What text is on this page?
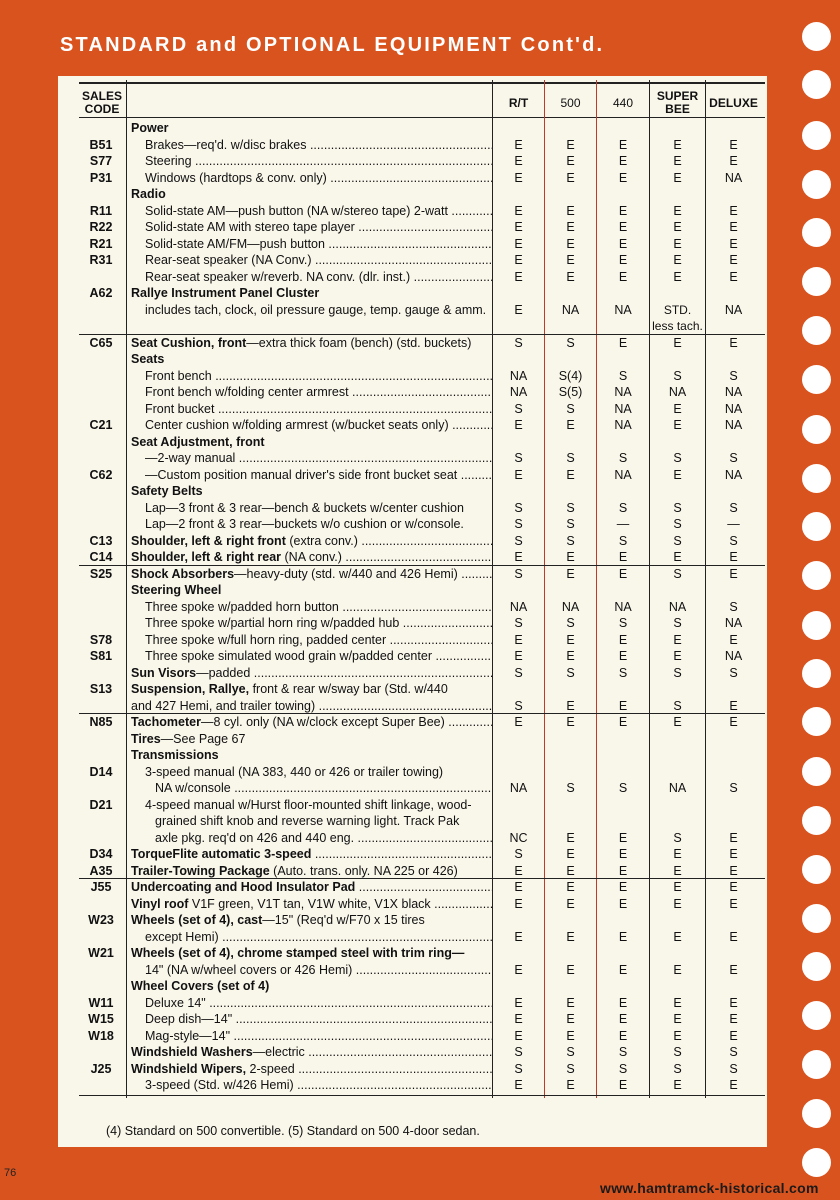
STANDARD and OPTIONAL EQUIPMENT Cont'd.
SALES
CODE	R/T	500	440	SUPER
BEE	DELUXE
Power
B51	Brakes—req'd. w/disc brakes .....	E	E	E	E	E
S77	Steering .....	E	E	E	E	E
P31	Windows (hardtops & conv. only) .....	E	E	E	E	NA
Radio
R11	Solid-state AM—push button (NA w/stereo tape) 2-watt .....	E	E	E	E	E
R22	Solid-state AM with stereo tape player .....	E	E	E	E	E
R21	Solid-state AM/FM—push button .....	E	E	E	E	E
R31	Rear-seat speaker (NA Conv.) .....	E	E	E	E	E
Rear-seat speaker w/reverb. NA conv. (dlr. inst.) .....	E	E	E	E	E
A62	Rallye Instrument Panel Cluster
includes tach, clock, oil pressure gauge, temp. gauge & amm.	E	NA	NA	STD.	NA
less tach.
C65	Seat Cushion, front—extra thick foam (bench) (std. buckets)	S	S	E	E	E
Seats
Front bench .....	NA	S(4)	S	S	S
Front bench w/folding center armrest .....	NA	S(5)	NA	NA	NA
Front bucket .....	S	S	NA	E	NA
C21	Center cushion w/folding armrest (w/bucket seats only) .....	E	E	NA	E	NA
Seat Adjustment, front
—2-way manual .....	S	S	S	S	S
C62	—Custom position manual driver's side front bucket seat .....	E	E	NA	E	NA
Safety Belts
Lap—3 front & 3 rear—bench & buckets w/center cushion	S	S	S	S	S
Lap—2 front & 3 rear—buckets w/o cushion or w/console.	S	S	—	S	—
C13	Shoulder, left & right front (extra conv.) .....	S	S	S	S	S
C14	Shoulder, left & right rear (NA conv.) .....	E	E	E	E	E
S25	Shock Absorbers—heavy-duty (std. w/440 and 426 Hemi) .....	S	E	E	S	E
Steering Wheel
Three spoke w/padded horn button .....	NA	NA	NA	NA	S
Three spoke w/partial horn ring w/padded hub .....	S	S	S	S	NA
S78	Three spoke w/full horn ring, padded center .....	E	E	E	E	E
S81	Three spoke simulated wood grain w/padded center .....	E	E	E	E	NA
Sun Visors—padded .....	S	S	S	S	S
S13	Suspension, Rallye, front & rear w/sway bar (Std. w/440
and 427 Hemi, and trailer towing) .....	S	E	E	S	E
N85	Tachometer—8 cyl. only (NA w/clock except Super Bee) .....	E	E	E	E	E
Tires—See Page 67
Transmissions
D14	3-speed manual (NA 383, 440 or 426 or trailer towing)
NA w/console .....	NA	S	S	NA	S
D21	4-speed manual w/Hurst floor-mounted shift linkage, wood-
grained shift knob and reverse warning light. Track Pak
axle pkg. req'd on 426 and 440 eng. .....	NC	E	E	S	E
D34	TorqueFlite automatic 3-speed .....	S	E	E	E	E
A35	Trailer-Towing Package (Auto. trans. only. NA 225 or 426)	E	E	E	E	E
J55	Undercoating and Hood Insulator Pad .....	E	E	E	E	E
Vinyl roof V1F green, V1T tan, V1W white, V1X black .....	E	E	E	E	E
W23	Wheels (set of 4), cast—15" (Req'd w/F70 x 15 tires
except Hemi) .....	E	E	E	E	E
W21	Wheels (set of 4), chrome stamped steel with trim ring—
14" (NA w/wheel covers or 426 Hemi) .....	E	E	E	E	E
Wheel Covers (set of 4)
W11	Deluxe 14" .....	E	E	E	E	E
W15	Deep dish—14" .....	E	E	E	E	E
W18	Mag-style—14" .....	E	E	E	E	E
Windshield Washers—electric .....	S	S	S	S	S
J25	Windshield Wipers, 2-speed .....	S	S	S	S	S
3-speed (Std. w/426 Hemi) .....	E	E	E	E	E
(4) Standard on 500 convertible. (5) Standard on 500 4-door sedan.
76
www.hamtramck-historical.com
